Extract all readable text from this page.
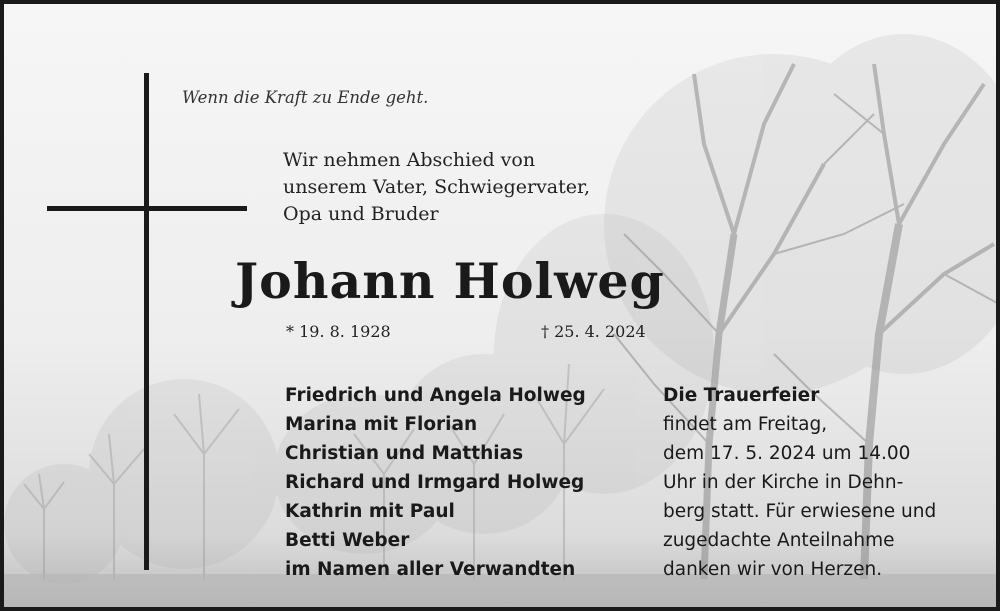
Wenn die Kraft zu Ende geht.
Wir nehmen Abschied von
unserem Vater, Schwiegervater,
Opa und Bruder
Johann Holweg
* 19. 8. 1928	† 25. 4. 2024
Friedrich und Angela Holweg
Marina mit Florian
Christian und Matthias
Richard und Irmgard Holweg
Kathrin mit Paul
Betti Weber
im Namen aller Verwandten
Die Trauerfeier
findet am Freitag,
dem 17. 5. 2024 um 14.00
Uhr in der Kirche in Dehn-
berg statt. Für erwiesene und
zugedachte Anteilnahme
danken wir von Herzen.
